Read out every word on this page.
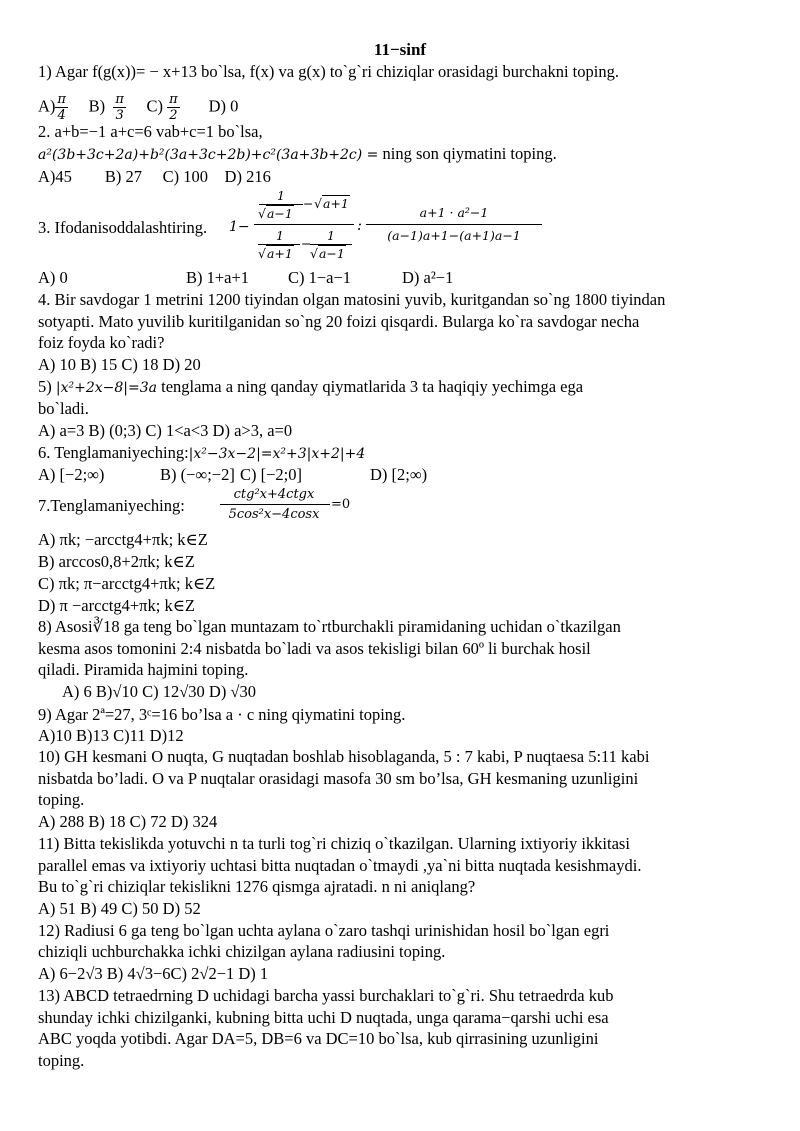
11−sinf
1) Agar f(g(x))= − x+13 bo`lsa, f(x) va g(x) to`g`ri chiziqlar orasidagi burchakni toping.
$A) \frac{\pi}{4} B) \frac{\pi}{3} C) \frac{\pi}{2} D$) 0
2. a+b=−1 a+c=6 vab+c=1 bo`lsa,
a²(3b+3c+2a)+b²(3a+3c+2b)+c²(3a+3b+2c) = ning son qiymatini toping.
A)45 B) 27 C) 100 D) 216
3. Ifodanisoddalashtiring. 1−
1
√a−1
− √a+1
1
√a+1
−
1
√a−1
:
a+1 · a²−1
(a−1)a+1−(a+1)a−1
A) 0	B) 1+a+1 C) 1−a−1	D) a²−1
4. Bir savdogar 1 metrini 1200 tiyindan olgan matosini yuvib, kuritgandan so`ng 1800 tiyindan
sotyapti. Mato yuvilib kuritilganidan so`ng 20 foizi qisqardi. Bularga ko`ra savdogar necha
foiz foyda ko`radi?
A) 10 B) 15 C) 18 D) 20
5) |x²+2x−8|=3a tenglama a ning qanday qiymatlarida 3 ta haqiqiy yechimga ega
bo`ladi.
A) a=3 B) (0;3) C) 1<a<3 D) a>3, a=0
6. Tenglamaniyeching:|x²−3x−2|=x²+3|x+2|+4
A) [−2;∞)	B) (−∞;−2] C) [−2;0]	D) [2;∞)
7.Tenglamaniyeching:
ctg²x+4ctgx
5cos²x−4cosx
=0
A) πk; −arcctg4+πk; k∈Z
B) arccos0,8+2πk; k∈Z
C) πk; π−arcctg4+πk; k∈Z
D) π −arcctg4+πk; k∈Z
8) Asosi∛18 ga teng bo`lgan muntazam to`rtburchakli piramidaning uchidan o`tkazilgan
kesma asos tomonini 2:4 nisbatda bo`ladi va asos tekisligi bilan 60º li burchak hosil
qiladi. Piramida hajmini toping.
A) 6 B)√10 C) 12√30 D) √30
9) Agar 2ª=27, 3ᶜ=16 bo’lsa a · c ning qiymatini toping.
A)10 B)13 C)11 D)12
10) GH kesmani O nuqta, G nuqtadan boshlab hisoblaganda, 5 : 7 kabi, P nuqtaesa 5:11 kabi
nisbatda bo’ladi. O va P nuqtalar orasidagi masofa 30 sm bo’lsa, GH kesmaning uzunligini
toping.
A) 288 B) 18 C) 72 D) 324
11) Bitta tekislikda yotuvchi n ta turli tog`ri chiziq o`tkazilgan. Ularning ixtiyoriy ikkitasi
parallel emas va ixtiyoriy uchtasi bitta nuqtadan o`tmaydi ,ya`ni bitta nuqtada kesishmaydi.
Bu to`g`ri chiziqlar tekislikni 1276 qismga ajratadi. n ni aniqlang?
A) 51 B) 49 C) 50 D) 52
12) Radiusi 6 ga teng bo`lgan uchta aylana o`zaro tashqi urinishidan hosil bo`lgan egri
chiziqli uchburchakka ichki chizilgan aylana radiusini toping.
A) 6−2√3 B) 4√3−6C) 2√2−1 D) 1
13) ABCD tetraedrning D uchidagi barcha yassi burchaklari to`g`ri. Shu tetraedrda kub
shunday ichki chizilganki, kubning bitta uchi D nuqtada, unga qarama−qarshi uchi esa
ABC yoqda yotibdi. Agar DA=5, DB=6 va DC=10 bo`lsa, kub qirrasining uzunligini
toping.
